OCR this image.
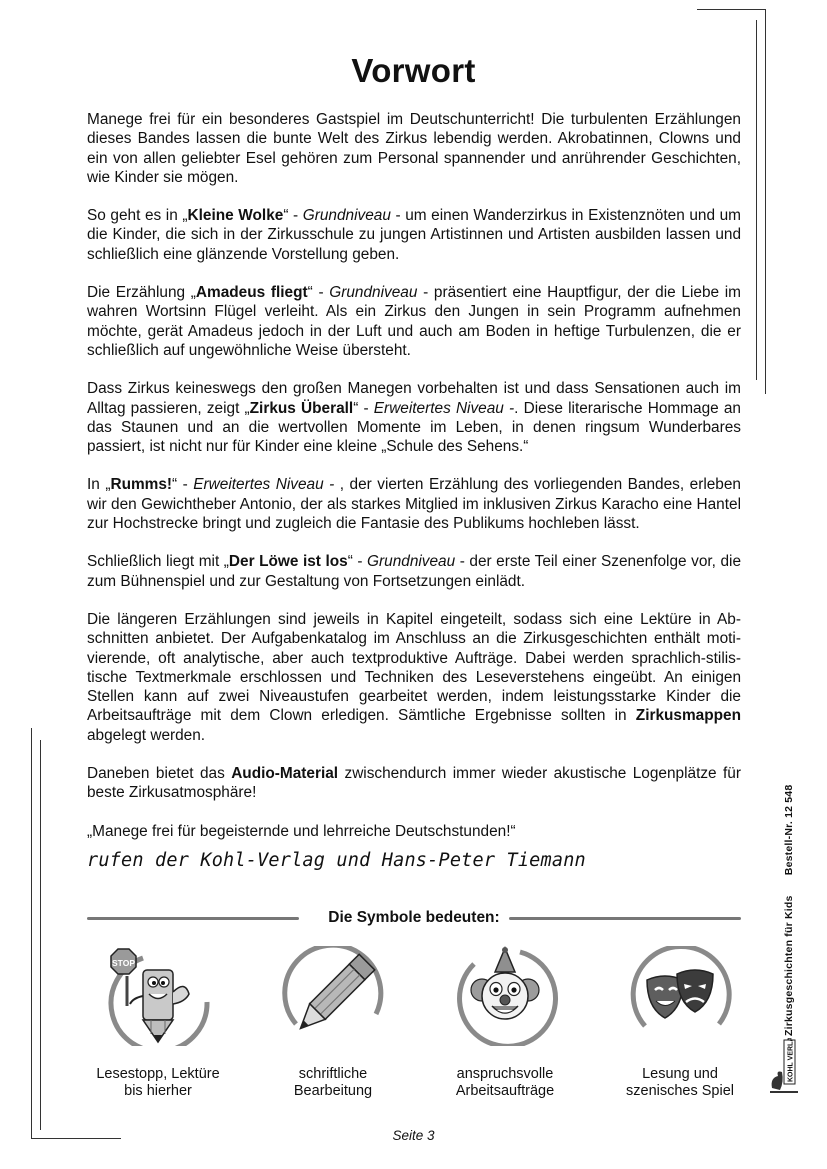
Vorwort

Manege frei für ein besonderes Gastspiel im Deutschunterricht! Die turbulenten Erzählungen dieses Bandes lassen die bunte Welt des Zirkus lebendig werden. Akrobatinnen, Clowns und ein von allen geliebter Esel gehören zum Personal spannender und anrührender Geschichten, wie Kinder sie mögen.

So geht es in „Kleine Wolke“ - Grundniveau - um einen Wanderzirkus in Existenznöten und um die Kinder, die sich in der Zirkusschule zu jungen Artistinnen und Artisten ausbilden lassen und schließlich eine glänzende Vorstellung geben.

Die Erzählung „Amadeus fliegt“ - Grundniveau - präsentiert eine Hauptfigur, der die Liebe im wahren Wortsinn Flügel verleiht. Als ein Zirkus den Jungen in sein Programm aufnehmen möchte, gerät Amadeus jedoch in der Luft und auch am Boden in heftige Turbulenzen, die er schließlich auf ungewöhnliche Weise übersteht.

Dass Zirkus keineswegs den großen Manegen vorbehalten ist und dass Sensationen auch im Alltag passieren, zeigt „Zirkus Überall“ - Erweitertes Niveau -. Diese literarische Hommage an das Staunen und an die wertvollen Momente im Leben, in denen ringsum Wunderbares passiert, ist nicht nur für Kinder eine kleine „Schule des Sehens.“

In „Rumms!“ - Erweitertes Niveau - , der vierten Erzählung des vorliegenden Bandes, erleben wir den Gewichtheber Antonio, der als starkes Mitglied im inklusiven Zirkus Karacho eine Hantel zur Hochstrecke bringt und zugleich die Fantasie des Publikums hochleben lässt.

Schließlich liegt mit „Der Löwe ist los“ - Grundniveau - der erste Teil einer Szenenfolge vor, die zum Bühnenspiel und zur Gestaltung von Fortsetzungen einlädt.

Die längeren Erzählungen sind jeweils in Kapitel eingeteilt, sodass sich eine Lektüre in Abschnitten anbietet. Der Aufgabenkatalog im Anschluss an die Zirkusgeschichten enthält motivierende, oft analytische, aber auch textproduktive Aufträge. Dabei werden sprachlich-stilistische Textmerkmale erschlossen und Techniken des Leseverstehens eingeübt. An einigen Stellen kann auf zwei Niveaustufen gearbeitet werden, indem leistungsstarke Kinder die Arbeitsaufträge mit dem Clown erledigen. Sämtliche Ergebnisse sollten in Zirkusmappen abgelegt werden.

Daneben bietet das Audio-Material zwischendurch immer wieder akustische Logenplätze für beste Zirkusatmosphäre!

„Manege frei für begeisternde und lehrreiche Deutschstunden!“

rufen der Kohl-Verlag und Hans-Peter Tiemann
Die Symbole bedeuten:
STOP
Lesestopp, Lektüre
bis hierher
schriftliche
Bearbeitung
anspruchsvolle
Arbeitsaufträge
Lesung und
szenisches Spiel
Zirkusgeschichten für Kids  Bestell-Nr. 12 548
KOHL VERLAG
Seite 3
